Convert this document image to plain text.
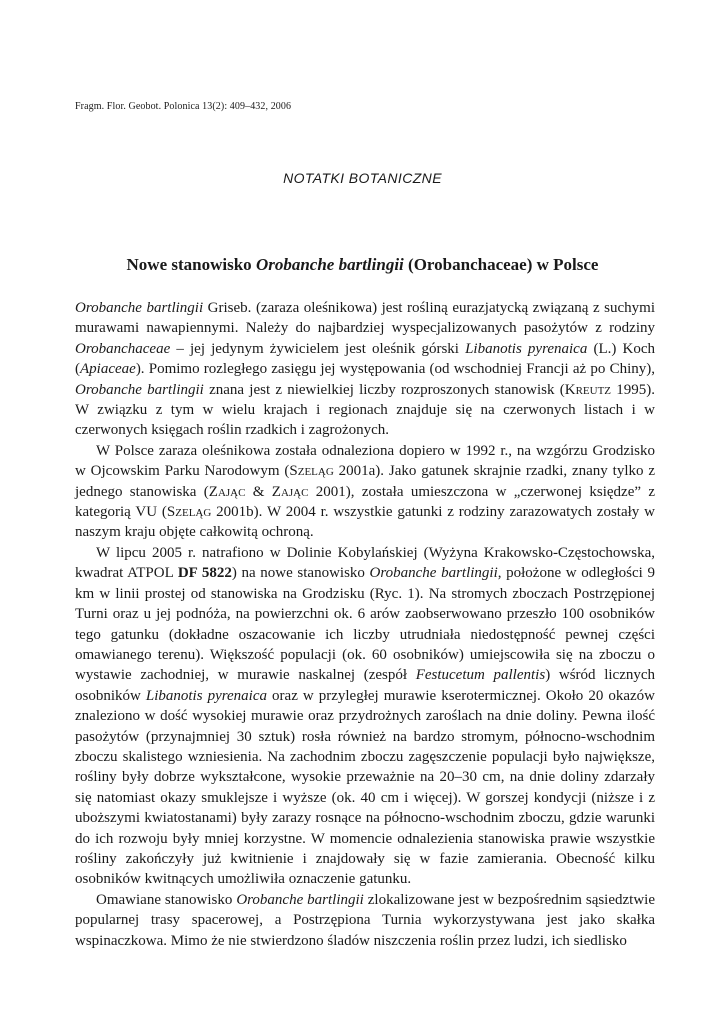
Fragm. Flor. Geobot. Polonica 13(2): 409–432, 2006
NOTATKI BOTANICZNE
Nowe stanowisko Orobanche bartlingii (Orobanchaceae) w Polsce

Orobanche bartlingii Griseb. (zaraza oleśnikowa) jest rośliną eurazjatycką związaną z suchymi murawami nawapiennymi. Należy do najbardziej wyspecjalizowanych pasożytów z rodziny Orobanchaceae – jej jedynym żywicielem jest oleśnik górski Libanotis pyrenaica (L.) Koch (Apiaceae). Pomimo rozległego zasięgu jej występowania (od wschodniej Francji aż po Chiny), Orobanche bartlingii znana jest z niewielkiej liczby rozproszonych stanowisk (Kreutz 1995). W związku z tym w wielu krajach i regionach znajduje się na czerwonych listach i w czerwonych księgach roślin rzadkich i zagrożonych.

W Polsce zaraza oleśnikowa została odnaleziona dopiero w 1992 r., na wzgórzu Grodzisko w Ojcowskim Parku Narodowym (Szeląg 2001a). Jako gatunek skrajnie rzadki, znany tylko z jednego stanowiska (Zając & Zając 2001), została umieszczona w „czerwonej księdze” z kategorią VU (Szeląg 2001b). W 2004 r. wszystkie gatunki z rodziny zarazowatych zostały w naszym kraju objęte całkowitą ochroną.

W lipcu 2005 r. natrafiono w Dolinie Kobylańskiej (Wyżyna Krakowsko-Częstochowska, kwadrat ATPOL DF 5822) na nowe stanowisko Orobanche bartlingii, położone w odległości 9 km w linii prostej od stanowiska na Grodzisku (Ryc. 1). Na stromych zboczach Postrzępionej Turni oraz u jej podnóża, na powierzchni ok. 6 arów zaobserwowano przeszło 100 osobników tego gatunku (dokładne oszacowanie ich liczby utrudniała niedostępność pewnej części omawianego terenu). Większość populacji (ok. 60 osobników) umiejscowiła się na zboczu o wystawie zachodniej, w murawie naskalnej (zespół Festucetum pallentis) wśród licznych osobników Libanotis pyrenaica oraz w przyległej murawie kserotermicznej. Około 20 okazów znaleziono w dość wysokiej murawie oraz przydrożnych zaroślach na dnie doliny. Pewna ilość pasożytów (przynajmniej 30 sztuk) rosła również na bardzo stromym, północno-wschodnim zboczu skalistego wzniesienia. Na zachodnim zboczu zagęszczenie populacji było największe, rośliny były dobrze wykształcone, wysokie przeważnie na 20–30 cm, na dnie doliny zdarzały się natomiast okazy smuklejsze i wyższe (ok. 40 cm i więcej). W gorszej kondycji (niższe i z uboższymi kwiatostanami) były zarazy rosnące na północno-wschodnim zboczu, gdzie warunki do ich rozwoju były mniej korzystne. W momencie odnalezienia stanowiska prawie wszystkie rośliny zakończyły już kwitnienie i znajdowały się w fazie zamierania. Obecność kilku osobników kwitnących umożliwiła oznaczenie gatunku.

Omawiane stanowisko Orobanche bartlingii zlokalizowane jest w bezpośrednim sąsiedztwie popularnej trasy spacerowej, a Postrzępiona Turnia wykorzystywana jest jako skałka wspinaczkowa. Mimo że nie stwierdzono śladów niszczenia roślin przez ludzi, ich siedlisko
